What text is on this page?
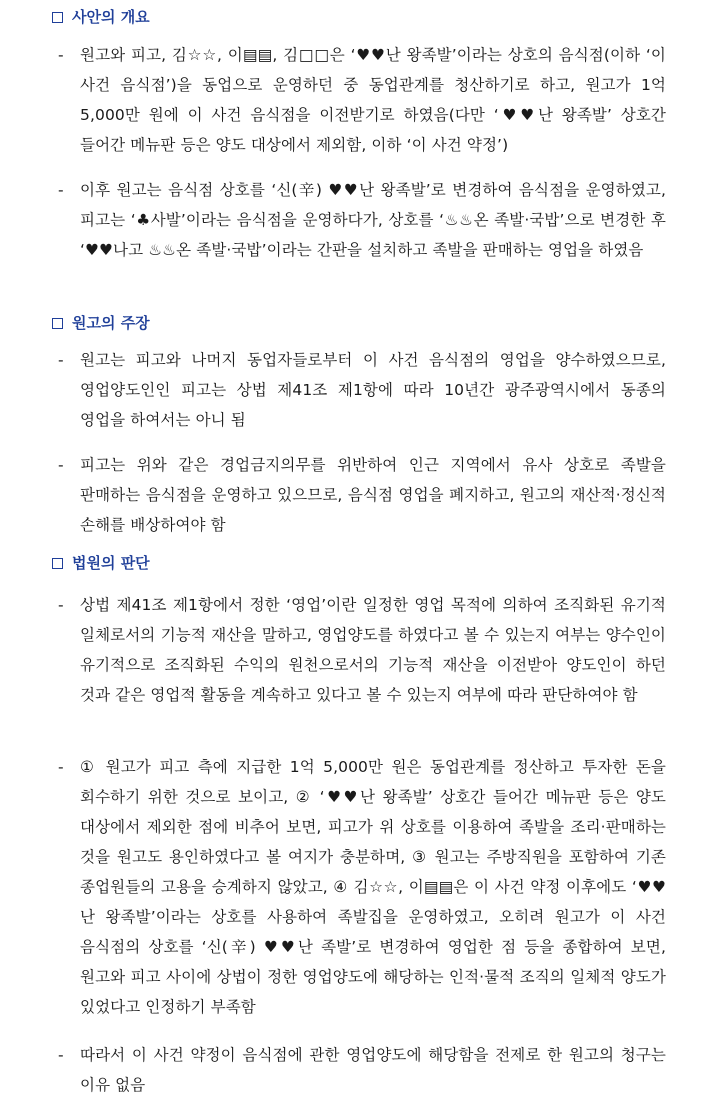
사안의 개요
- 원고와 피고, 김☆☆, 이▤▤, 김□□은 ‘♥♥난 왕족발’이라는 상호의 음식점(이하 ‘이 사건 음식점’)을 동업으로 운영하던 중 동업관계를 청산하기로 하고, 원고가 1억 5,000만 원에 이 사건 음식점을 이전받기로 하였음(다만 ‘♥♥난 왕족발’ 상호간 들어간 메뉴판 등은 양도 대상에서 제외함, 이하 ‘이 사건 약정’)

- 이후 원고는 음식점 상호를 ‘신(辛) ♥♥난 왕족발’로 변경하여 음식점을 운영하였고, 피고는 ‘♣사발’이라는 음식점을 운영하다가, 상호를 ‘♨♨온 족발·국밥’으로 변경한 후 ‘♥♥나고 ♨♨온 족발·국밥’이라는 간판을 설치하고 족발을 판매하는 영업을 하였음

원고의 주장
- 원고는 피고와 나머지 동업자들로부터 이 사건 음식점의 영업을 양수하였으므로, 영업양도인인 피고는 상법 제41조 제1항에 따라 10년간 광주광역시에서 동종의 영업을 하여서는 아니 됨

- 피고는 위와 같은 경업금지의무를 위반하여 인근 지역에서 유사 상호로 족발을 판매하는 음식점을 운영하고 있으므로, 음식점 영업을 폐지하고, 원고의 재산적·정신적 손해를 배상하여야 함

법원의 판단
- 상법 제41조 제1항에서 정한 ‘영업’이란 일정한 영업 목적에 의하여 조직화된 유기적 일체로서의 기능적 재산을 말하고, 영업양도를 하였다고 볼 수 있는지 여부는 양수인이 유기적으로 조직화된 수익의 원천으로서의 기능적 재산을 이전받아 양도인이 하던 것과 같은 영업적 활동을 계속하고 있다고 볼 수 있는지 여부에 따라 판단하여야 함

- ① 원고가 피고 측에 지급한 1억 5,000만 원은 동업관계를 정산하고 투자한 돈을 회수하기 위한 것으로 보이고, ② ‘♥♥난 왕족발’ 상호간 들어간 메뉴판 등은 양도 대상에서 제외한 점에 비추어 보면, 피고가 위 상호를 이용하여 족발을 조리·판매하는 것을 원고도 용인하였다고 볼 여지가 충분하며, ③ 원고는 주방직원을 포함하여 기존 종업원들의 고용을 승계하지 않았고, ④ 김☆☆, 이▤▤은 이 사건 약정 이후에도 ‘♥♥난 왕족발’이라는 상호를 사용하여 족발집을 운영하였고, 오히려 원고가 이 사건 음식점의 상호를 ‘신(辛) ♥♥난 족발’로 변경하여 영업한 점 등을 종합하여 보면, 원고와 피고 사이에 상법이 정한 영업양도에 해당하는 인적·물적 조직의 일체적 양도가 있었다고 인정하기 부족함

- 따라서 이 사건 약정이 음식점에 관한 영업양도에 해당함을 전제로 한 원고의 청구는 이유 없음
